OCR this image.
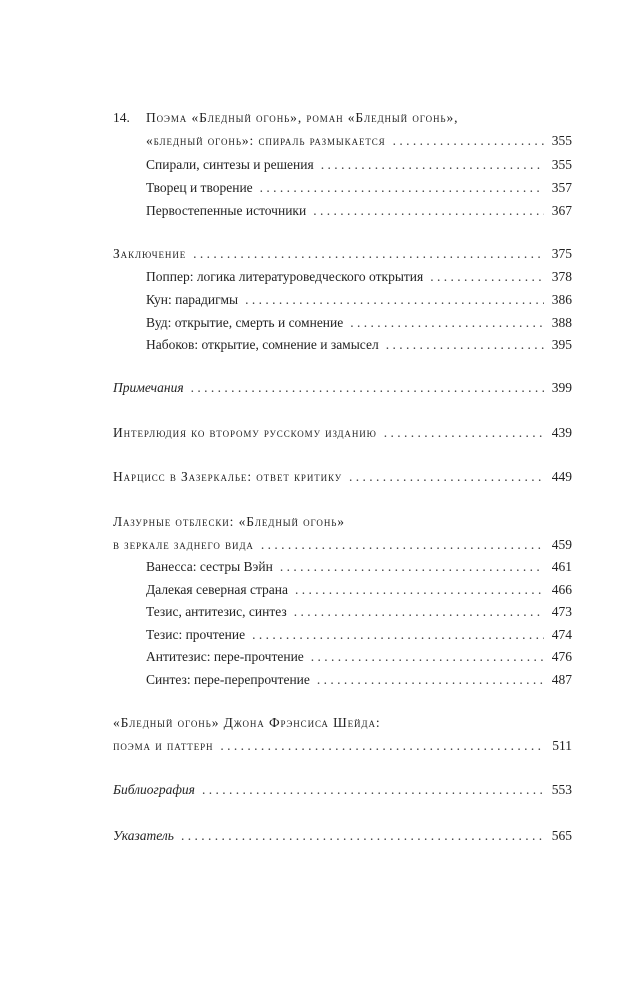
14. Поэма «Бледный огонь», роман «Бледный огонь»,
«бледный огонь»: спираль размыкается . . .	355
Спирали, синтезы и решения . . .	355
Творец и творение . . .	357
Первостепенные источники . . .	367
Заключение . . .	375
Поппер: логика литературоведческого открытия . . .	378
Кун: парадигмы . . .	386
Вуд: открытие, смерть и сомнение . . .	388
Набоков: открытие, сомнение и замысел . . .	395
Примечания . . .	399
Интерлюдия ко второму русскому изданию . . .	439
Нарцисс в Зазеркалье: ответ критику . . .	449
Лазурные отблески: «Бледный огонь»
в зеркале заднего вида . . .	459
Ванесса: сестры Вэйн . . .	461
Далекая северная страна . . .	466
Тезис, антитезис, синтез . . .	473
Тезис: прочтение . . .	474
Антитезис: пере-прочтение . . .	476
Синтез: пере-перепрочтение . . .	487
«Бледный огонь» Джона Фрэнсиса Шейда:
поэма и паттерн . . .	511
Библиография . . .	553
Указатель . . .	565
